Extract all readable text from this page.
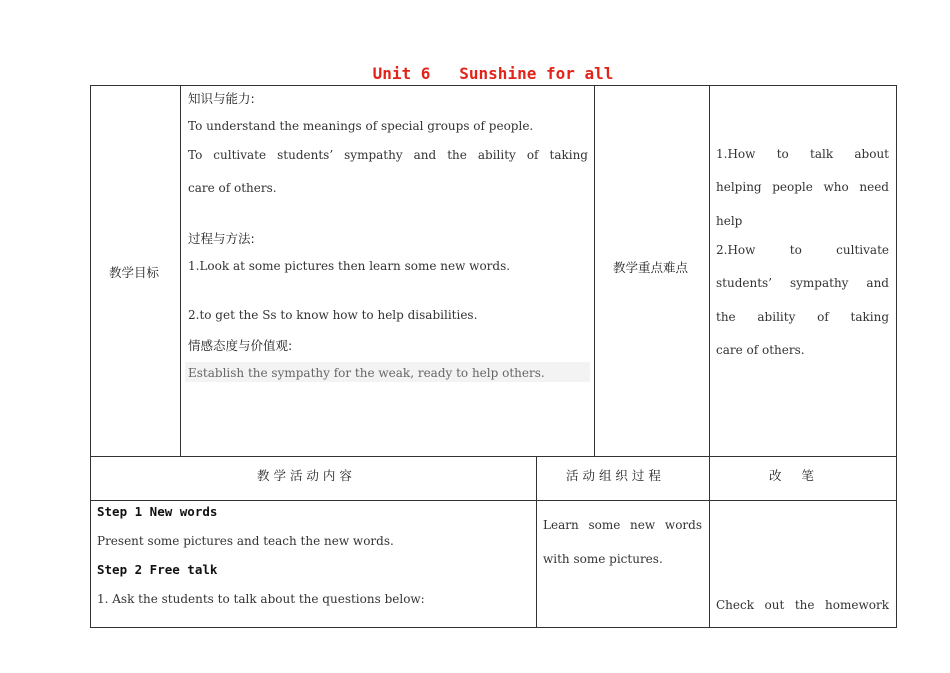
Unit 6   Sunshine for all
教学目标
知识与能力:
To understand the meanings of special groups of people.
To cultivate students’ sympathy and the ability of taking
care of others.
过程与方法:
1.Look at some pictures then learn some new words.
2.to get the Ss to know how to help disabilities.
情感态度与价值观:
Establish the sympathy for the weak, ready to help others.
教学重点难点
1.How   to   talk   about
helping people who need
help
2.How  to  cultivate
students’  sympathy  and
the  ability  of  taking
care of others.
教 学 活 动 内 容	活 动 组 织 过 程	改     笔
Step 1 New words
Present some pictures and teach the new words.
Step 2 Free talk
1. Ask the students to talk about the questions below:
Learn  some  new  words
with some pictures.
Check  out  the  homework
